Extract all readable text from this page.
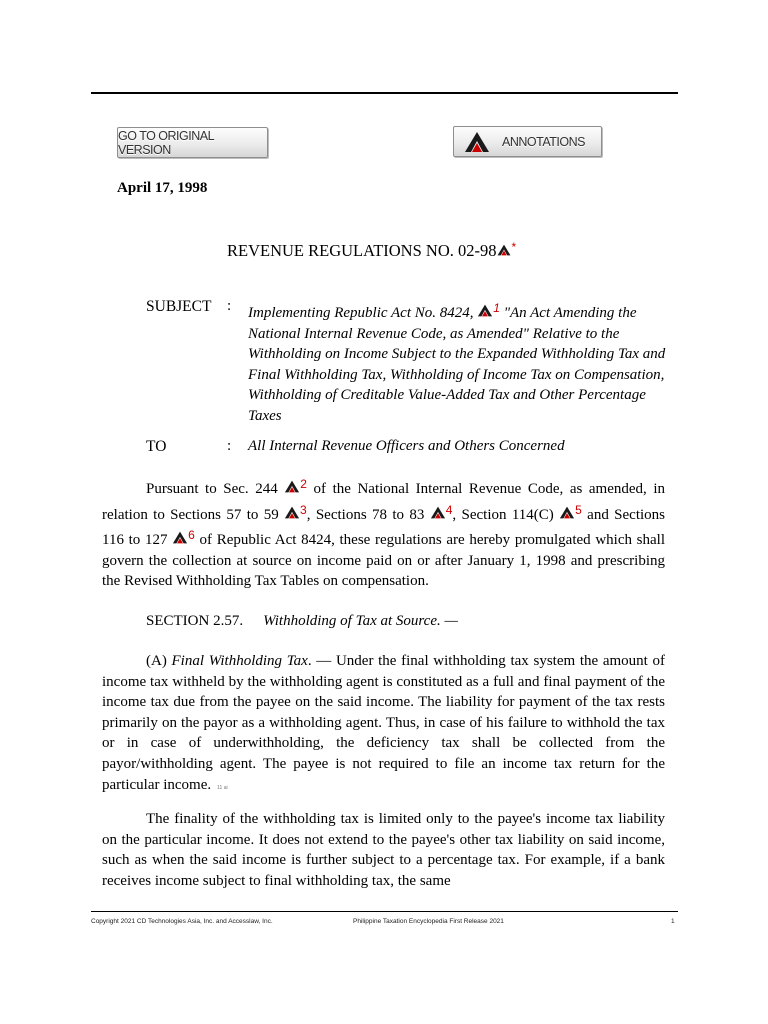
GO TO ORIGINAL VERSION
ANNOTATIONS
April 17, 1998
REVENUE REGULATIONS NO. 02-98 *
SUBJECT : Implementing Republic Act No. 8424, $^1$ "An Act Amending the National Internal Revenue Code, as Amended" Relative to the Withholding on Income Subject to the Expanded Withholding Tax and Final Withholding Tax, Withholding of Income Tax on Compensation, Withholding of Creditable Value-Added Tax and Other Percentage Taxes
TO	: All Internal Revenue Officers and Others Concerned
Pursuant to Sec. 244
$^2$ of the National Internal Revenue Code, as amended, in relation to Sections 57 to 59
$^3$, Sections 78 to 83
$^4$, Section 114(C)
$^5$ and Sections 116 to 127
$^6$ of Republic Act 8424, these regulations are hereby promulgated which shall govern the collection at source on income paid on or after January 1, 1998 and prescribing the Revised Withholding Tax Tables on compensation.
SECTION 2.57. Withholding of Tax at Source. —
(A) Final Withholding Tax. — Under the final withholding tax system the amount of income tax withheld by the withholding agent is constituted as a full and final payment of the income tax due from the payee on the said income. The liability for payment of the tax rests primarily on the payor as a withholding agent. Thus, in case of his failure to withhold the tax or in case of underwithholding, the deficiency tax shall be collected from the payor/withholding agent. The payee is not required to file an income tax return for the particular income. 11 ai
The finality of the withholding tax is limited only to the payee's income tax liability on the particular income. It does not extend to the payee's other tax liability on said income, such as when the said income is further subject to a percentage tax. For example, if a bank receives income subject to final withholding tax, the same
Copyright 2021 CD Technologies Asia, Inc. and Accesslaw, Inc.	Philippine Taxation Encyclopedia First Release 2021	1
